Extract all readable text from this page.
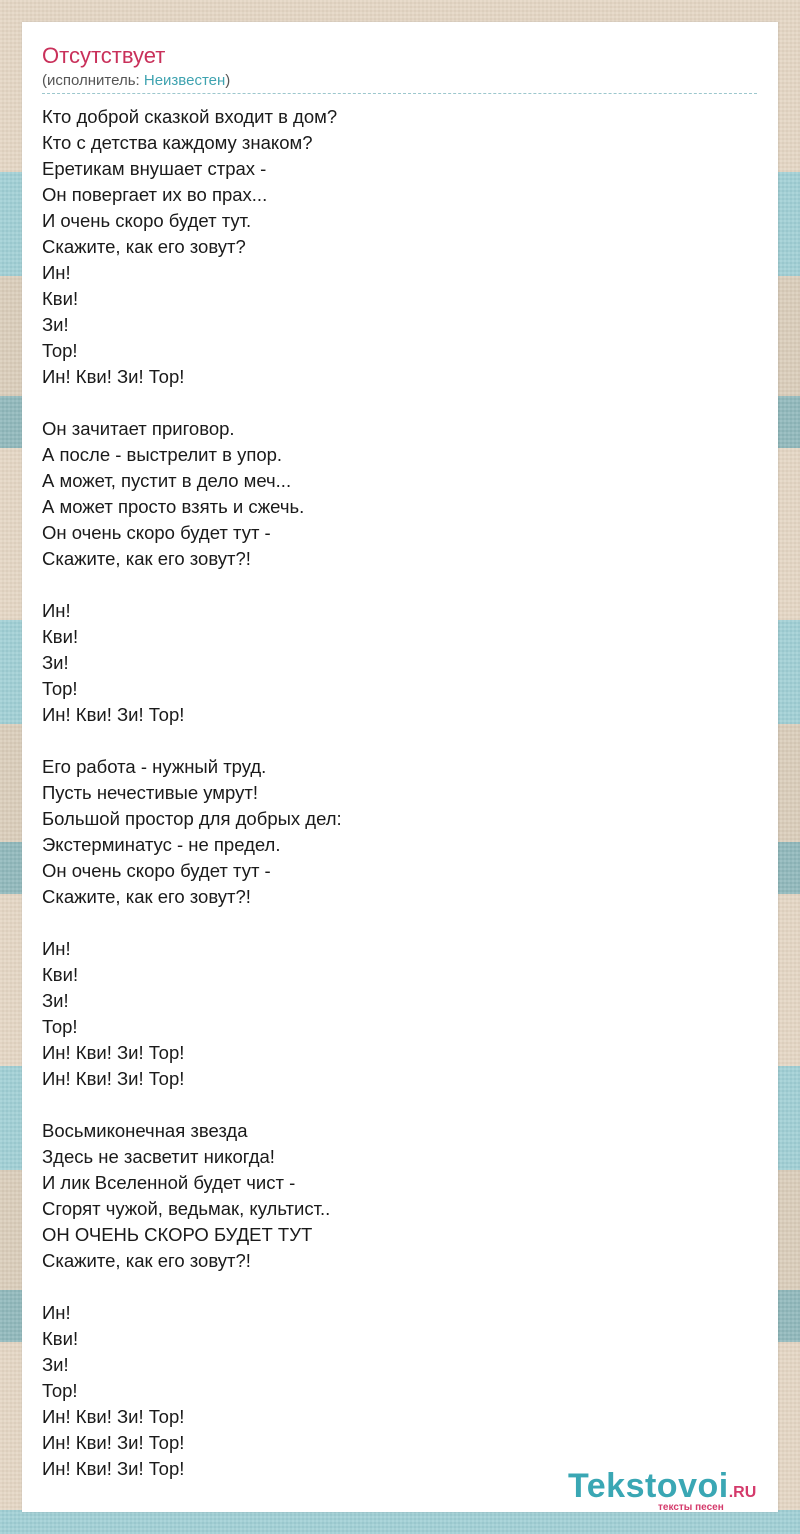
Отсутствует
(исполнитель: Неизвестен)
Кто доброй сказкой входит в дом?
Кто с детства каждому знаком?
Еретикам внушает страх -
Он повергает их во прах...
И очень скоро будет тут.
Скажите, как его зовут?
Ин!
Кви!
Зи!
Тор!
Ин! Кви! Зи! Тор!
Он зачитает приговор.
А после - выстрелит в упор.
А может, пустит в дело меч...
А может просто взять и сжечь.
Он очень скоро будет тут -
Скажите, как его зовут?!
Ин!
Кви!
Зи!
Тор!
Ин! Кви! Зи! Тор!
Его работа - нужный труд.
Пусть нечестивые умрут!
Большой простор для добрых дел:
Экстерминатус - не предел.
Он очень скоро будет тут -
Скажите, как его зовут?!
Ин!
Кви!
Зи!
Тор!
Ин! Кви! Зи! Тор!
Ин! Кви! Зи! Тор!
Восьмиконечная звезда
Здесь не засветит никогда!
И лик Вселенной будет чист -
Сгорят чужой, ведьмак, культист..
ОН ОЧЕНЬ СКОРО БУДЕТ ТУТ
Скажите, как его зовут?!
Ин!
Кви!
Зи!
Тор!
Ин! Кви! Зи! Тор!
Ин! Кви! Зи! Тор!
Ин! Кви! Зи! Тор!	Tekstovoi.RU
тексты песен
